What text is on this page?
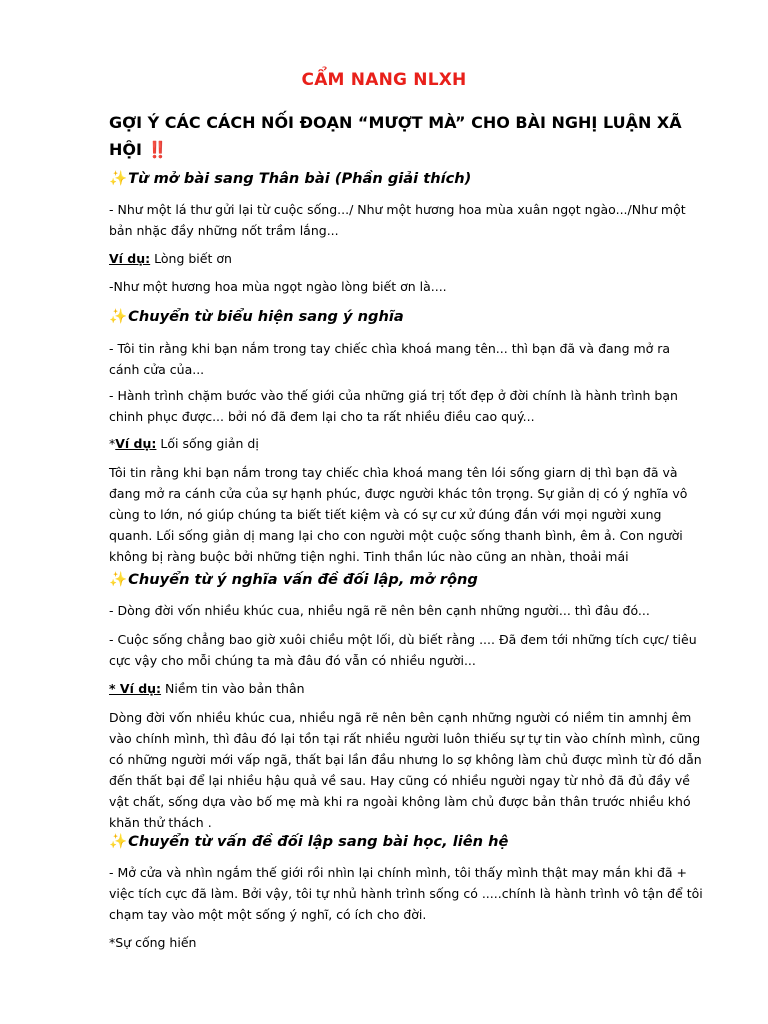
CẨM NANG NLXH
GỢI Ý CÁC CÁCH NỐI ĐOẠN “MƯỢT MÀ” CHO BÀI NGHỊ LUẬN XÃ HỘI ‼️
✨Từ mở bài sang Thân bài (Phần giải thích)
- Như một lá thư gửi lại từ cuộc sống.../ Như một hương hoa mùa xuân ngọt ngào.../Như một bản nhặc đầy những nốt trầm lắng...
Ví dụ: Lòng biết ơn
-Như một hương hoa mùa ngọt ngào lòng biết ơn là....
✨Chuyển từ biểu hiện sang ý nghĩa
- Tôi tin rằng khi bạn nắm trong tay chiếc chìa khoá mang tên... thì bạn đã và đang mở ra cánh cửa của...
- Hành trình chặm bước vào thế giới của những giá trị tốt đẹp ở đời chính là hành trình bạn chinh phục được... bởi nó đã đem lại cho ta rất nhiều điều cao quý...
*Ví dụ: Lối sống giản dị
Tôi tin rằng khi bạn nắm trong tay chiếc chìa khoá mang tên lói sống giarn dị thì bạn đã và đang mở ra cánh cửa của sự hạnh phúc, được người khác tôn trọng. Sự giản dị có ý nghĩa vô cùng to lớn, nó giúp chúng ta biết tiết kiệm và có sự cư xử đúng đắn với mọi người xung quanh. Lối sống giản dị mang lại cho con người một cuộc sống thanh bình, êm ả. Con người không bị ràng buộc bởi những tiện nghi. Tinh thần lúc nào cũng an nhàn, thoải mái
✨Chuyển từ ý nghĩa vấn đề đối lập, mở rộng
- Dòng đời vốn nhiều khúc cua, nhiều ngã rẽ nên bên cạnh những người... thì đâu đó...
- Cuộc sống chẳng bao giờ xuôi chiều một lối, dù biết rằng .... Đã đem tới những tích cực/ tiêu cực vậy cho mỗi chúng ta mà đâu đó vẫn có nhiều người...
* Ví dụ: Niềm tin vào bản thân
Dòng đời vốn nhiều khúc cua, nhiều ngã rẽ nên bên cạnh những người có niềm tin amnhj êm vào chính mình, thì đâu đó lại tồn tại rất nhiều người luôn thiếu sự tự tin vào chính mình, cũng có những người mới vấp ngã, thất bại lần đầu nhưng lo sợ không làm chủ được mình từ đó dẫn đến thất bại để lại nhiều hậu quả về sau. Hay cũng có nhiều người ngay từ nhỏ đã đủ đầy về vật chất, sống dựa vào bố mẹ mà khi ra ngoài không làm chủ được bản thân trước nhiều khó khăn thử thách .
✨Chuyển từ vấn đề đối lập sang bài học, liên hệ
- Mở cửa và nhìn ngắm thế giới rồi nhìn lại chính mình, tôi thấy mình thật may mắn khi đã + việc tích cực đã làm. Bởi vậy, tôi tự nhủ hành trình sống có .....chính là hành trình vô tận để tôi chạm tay vào một một sống ý nghĩ, có ích cho đời.
*Sự cống hiến
